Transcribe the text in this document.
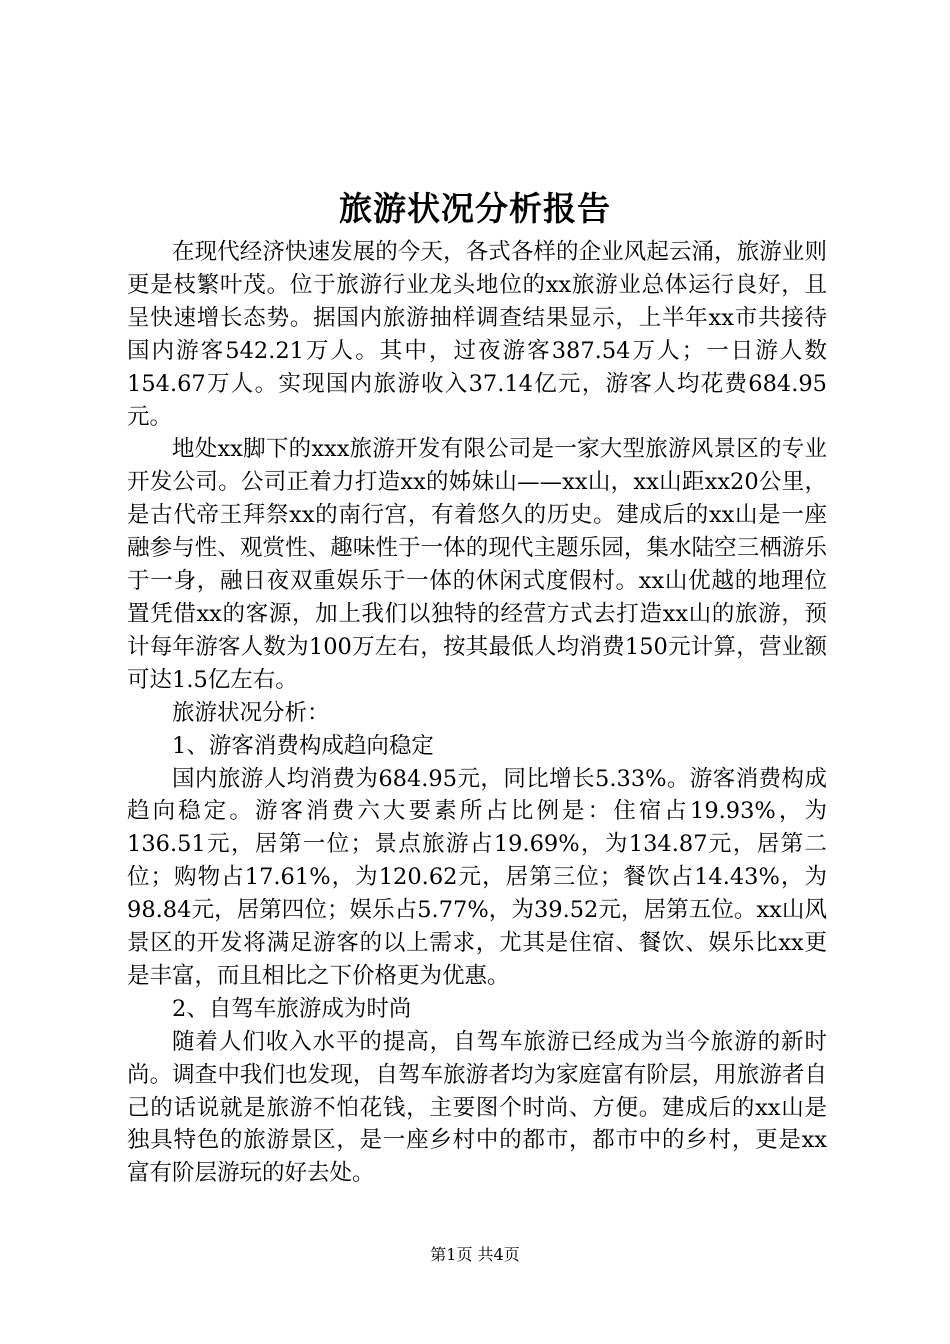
旅游状况分析报告

在现代经济快速发展的今天，各式各样的企业风起云涌，旅游业则更是枝繁叶茂。位于旅游行业龙头地位的xx旅游业总体运行良好，且呈快速增长态势。据国内旅游抽样调查结果显示，上半年xx市共接待国内游客542.21万人。其中，过夜游客387.54万人；一日游人数154.67万人。实现国内旅游收入37.14亿元，游客人均花费684.95元。

地处xx脚下的xxx旅游开发有限公司是一家大型旅游风景区的专业开发公司。公司正着力打造xx的姊妹山——xx山，xx山距xx20公里，是古代帝王拜祭xx的南行宫，有着悠久的历史。建成后的xx山是一座融参与性、观赏性、趣味性于一体的现代主题乐园，集水陆空三栖游乐于一身，融日夜双重娱乐于一体的休闲式度假村。xx山优越的地理位置凭借xx的客源，加上我们以独特的经营方式去打造xx山的旅游，预计每年游客人数为100万左右，按其最低人均消费150元计算，营业额可达1.5亿左右。

旅游状况分析：

1、游客消费构成趋向稳定

国内旅游人均消费为684.95元，同比增长5.33%。游客消费构成趋向稳定。游客消费六大要素所占比例是：住宿占19.93%，为136.51元，居第一位；景点旅游占19.69%，为134.87元，居第二位；购物占17.61%，为120.62元，居第三位；餐饮占14.43%，为98.84元，居第四位；娱乐占5.77%，为39.52元，居第五位。xx山风景区的开发将满足游客的以上需求，尤其是住宿、餐饮、娱乐比xx更是丰富，而且相比之下价格更为优惠。

2、自驾车旅游成为时尚

随着人们收入水平的提高，自驾车旅游已经成为当今旅游的新时尚。调查中我们也发现，自驾车旅游者均为家庭富有阶层，用旅游者自己的话说就是旅游不怕花钱，主要图个时尚、方便。建成后的xx山是独具特色的旅游景区，是一座乡村中的都市，都市中的乡村，更是xx富有阶层游玩的好去处。

第1页 共4页
